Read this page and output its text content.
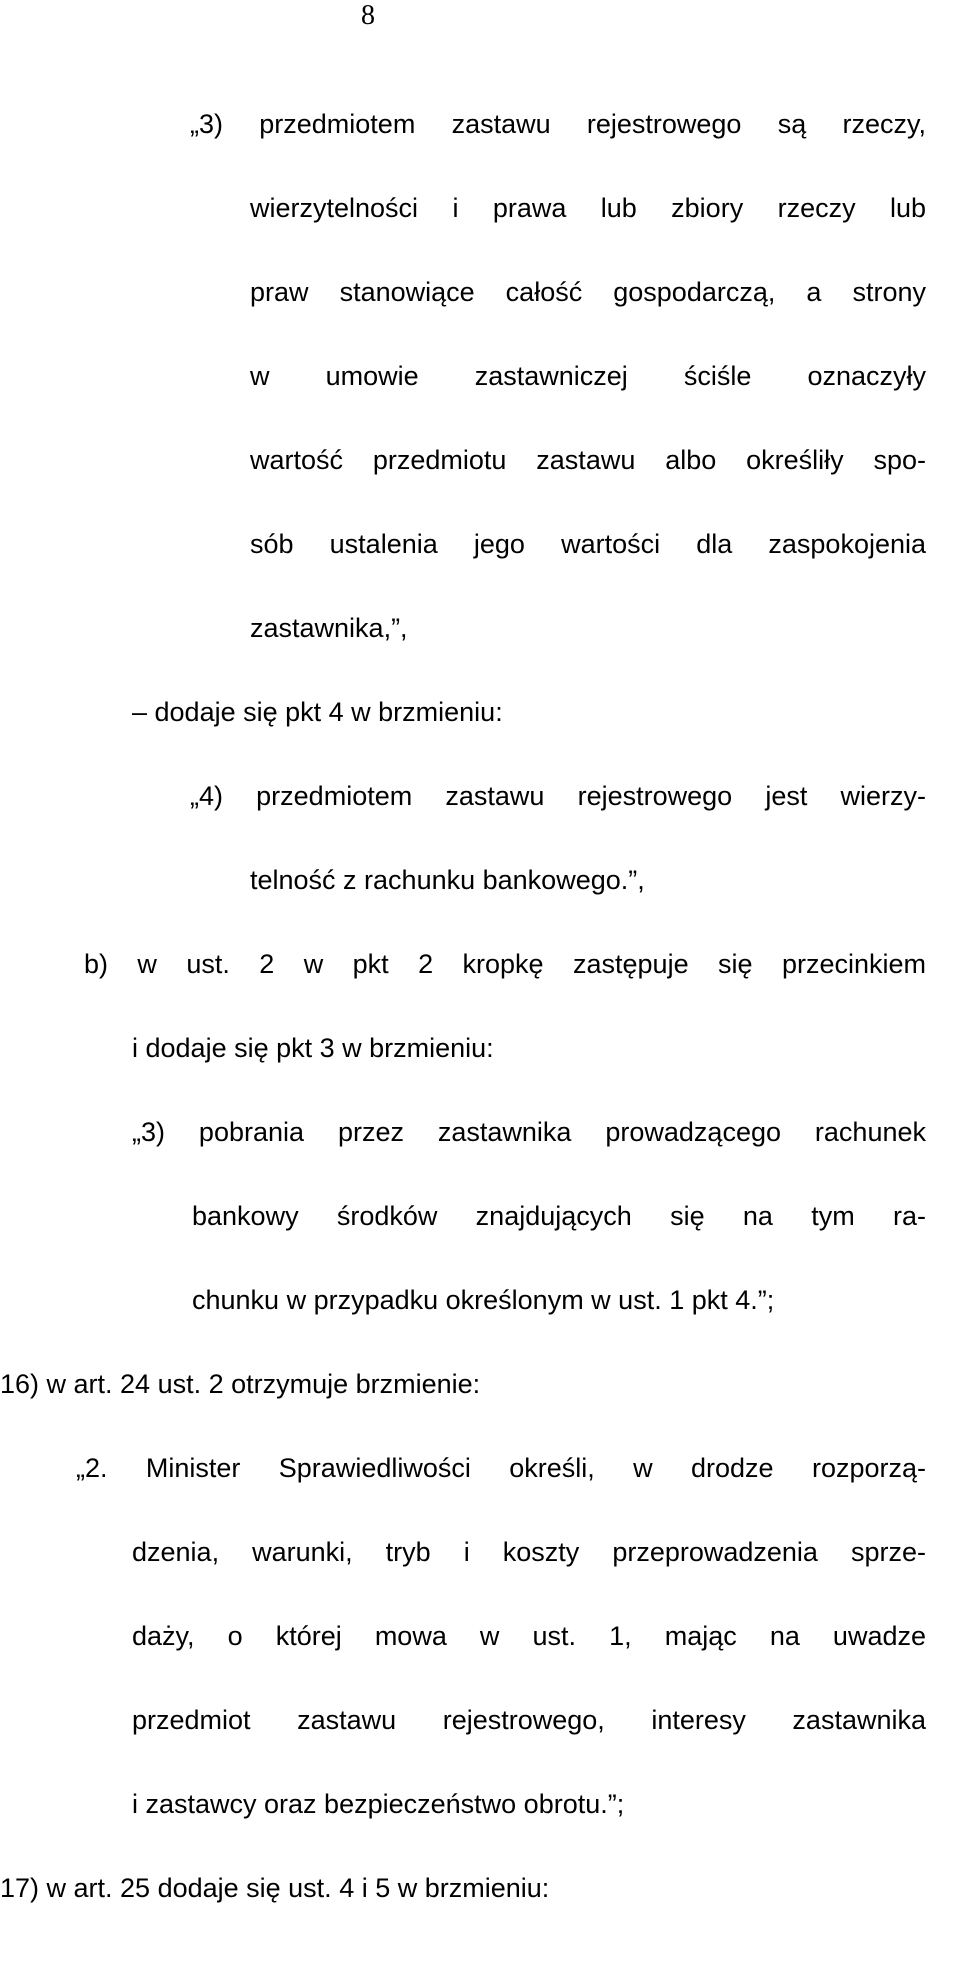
8

„3) przedmiotem zastawu rejestrowego są rzeczy,

wierzytelności i prawa lub zbiory rzeczy lub

praw stanowiące całość gospodarczą, a strony

w umowie zastawniczej ściśle oznaczyły

wartość przedmiotu zastawu albo określiły spo-

sób ustalenia jego wartości dla zaspokojenia

zastawnika,”,

– dodaje się pkt 4 w brzmieniu:

„4) przedmiotem zastawu rejestrowego jest wierzy-

telność z rachunku bankowego.”,

b) w ust. 2 w pkt 2 kropkę zastępuje się przecinkiem

i dodaje się pkt 3 w brzmieniu:

„3) pobrania przez zastawnika prowadzącego rachunek

bankowy środków znajdujących się na tym ra-

chunku w przypadku określonym w ust. 1 pkt 4.”;

16) w art. 24 ust. 2 otrzymuje brzmienie:

„2. Minister Sprawiedliwości określi, w drodze rozporzą-

dzenia, warunki, tryb i koszty przeprowadzenia sprze-

daży, o której mowa w ust. 1, mając na uwadze

przedmiot zastawu rejestrowego, interesy zastawnika

i zastawcy oraz bezpieczeństwo obrotu.”;

17) w art. 25 dodaje się ust. 4 i 5 w brzmieniu:
